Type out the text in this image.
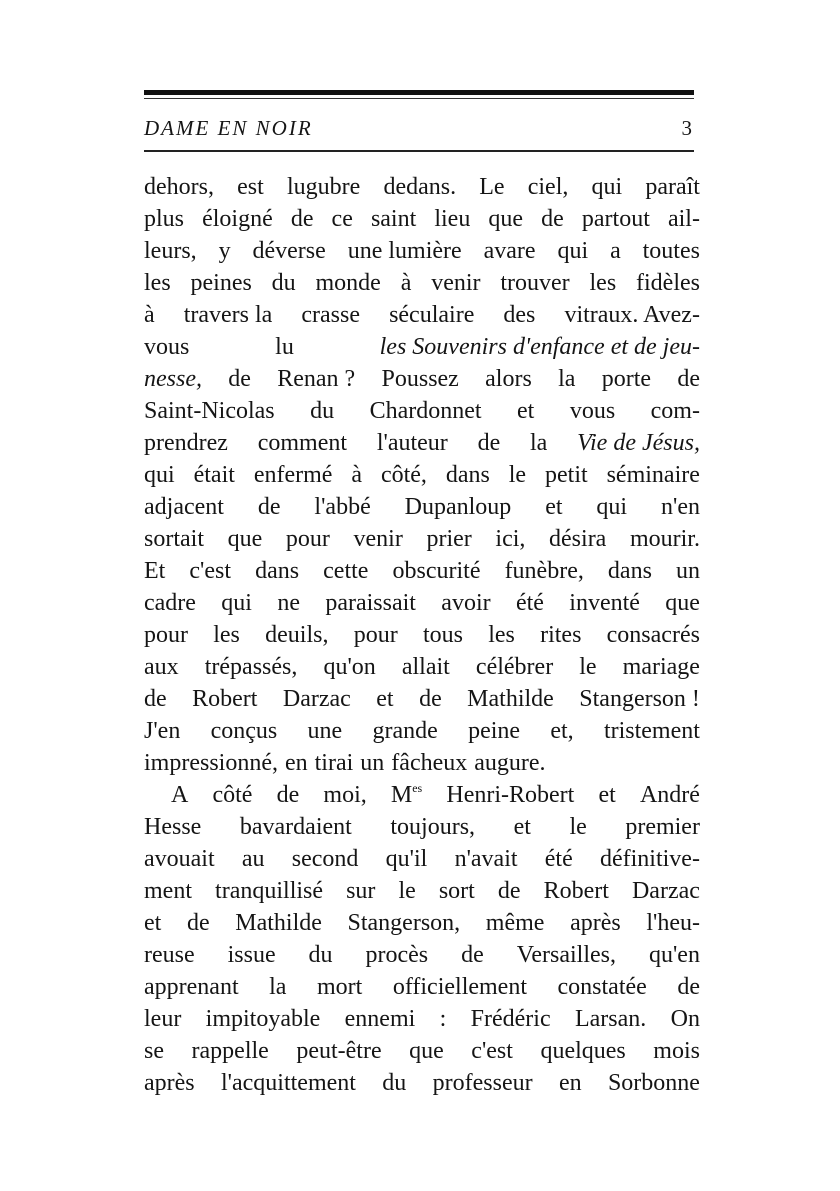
DAME EN NOIR	3
dehors, est lugubre dedans. Le ciel, qui paraît
plus éloigné de ce saint lieu que de partout ail-
leurs, y déverse une lumière avare qui a toutes
les peines du monde à venir trouver les fidèles
à travers la crasse séculaire des vitraux. Avez-
vous	lu	les Souvenirs d'enfance et de jeu-
nesse, de Renan ? Poussez alors la porte de
Saint-Nicolas du Chardonnet et vous com-
prendrez comment l'auteur de la Vie de Jésus,
qui était enfermé à côté, dans le petit séminaire
adjacent de l'abbé Dupanloup et qui n'en
sortait que pour venir prier ici, désira mourir.
Et c'est dans cette obscurité funèbre, dans un
cadre qui ne paraissait avoir été inventé que
pour les deuils, pour tous les rites consacrés
aux trépassés, qu'on allait célébrer le mariage
de Robert Darzac et de Mathilde Stangerson !
J'en conçus une grande peine et, tristement
impressionné, en tirai un fâcheux augure.
A côté de moi, $M^{es}$ Henri-Robert et André
Hesse bavardaient toujours, et le premier
avouait au second qu'il n'avait été définitive-
ment tranquillisé sur le sort de Robert Darzac
et de Mathilde Stangerson, même après l'heu-
reuse issue du procès de Versailles, qu'en
apprenant la mort officiellement constatée de
leur impitoyable ennemi : Frédéric Larsan. On
se rappelle peut-être que c'est quelques mois
après l'acquittement du professeur en Sorbonne
